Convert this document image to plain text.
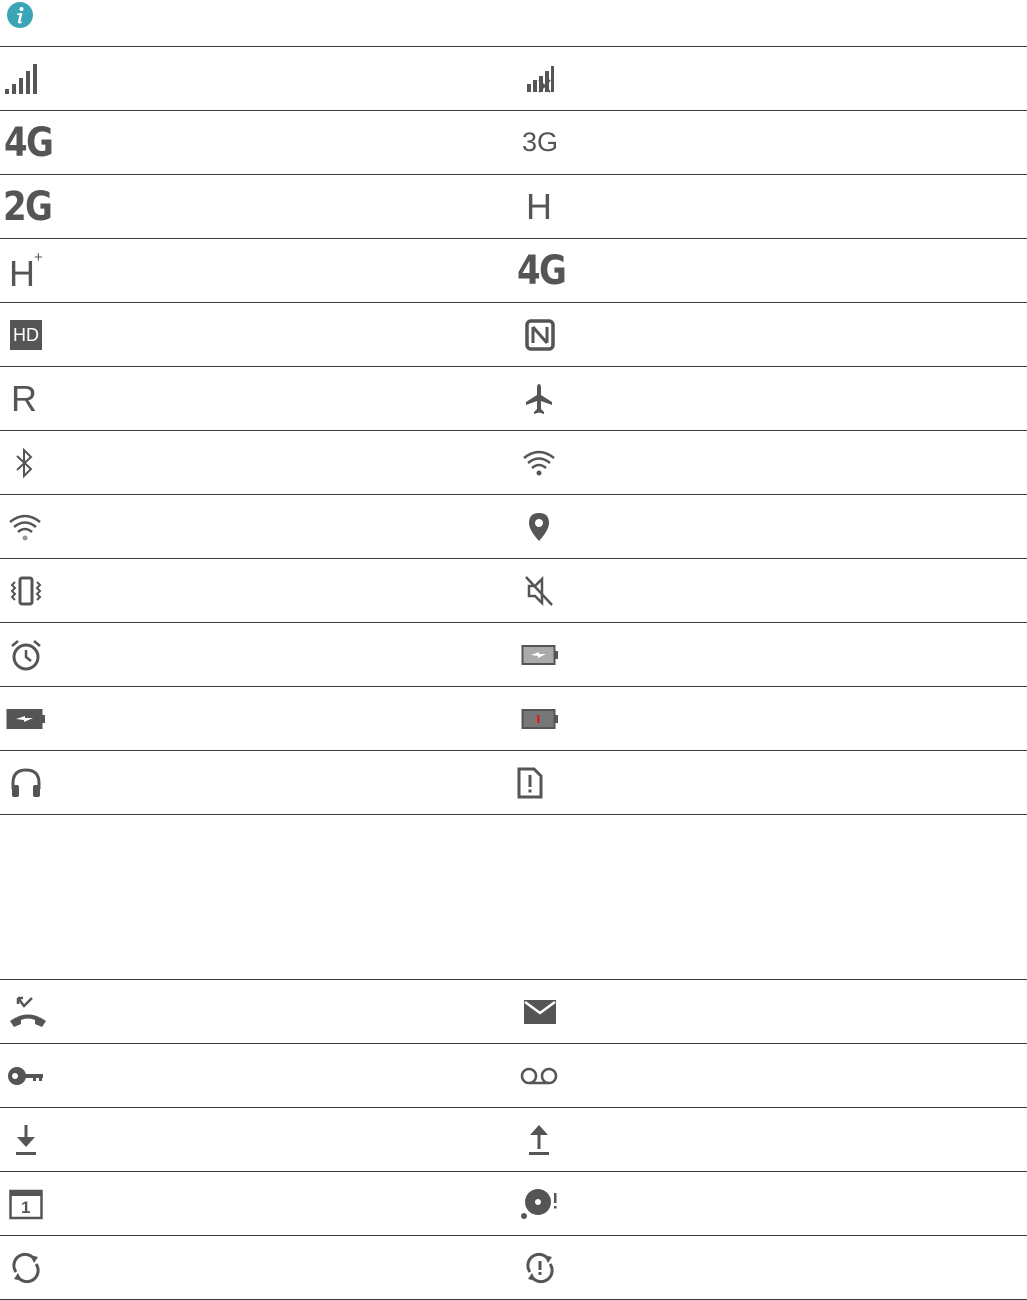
4G	3G
2G	H
H +	4G
HD
R
1
